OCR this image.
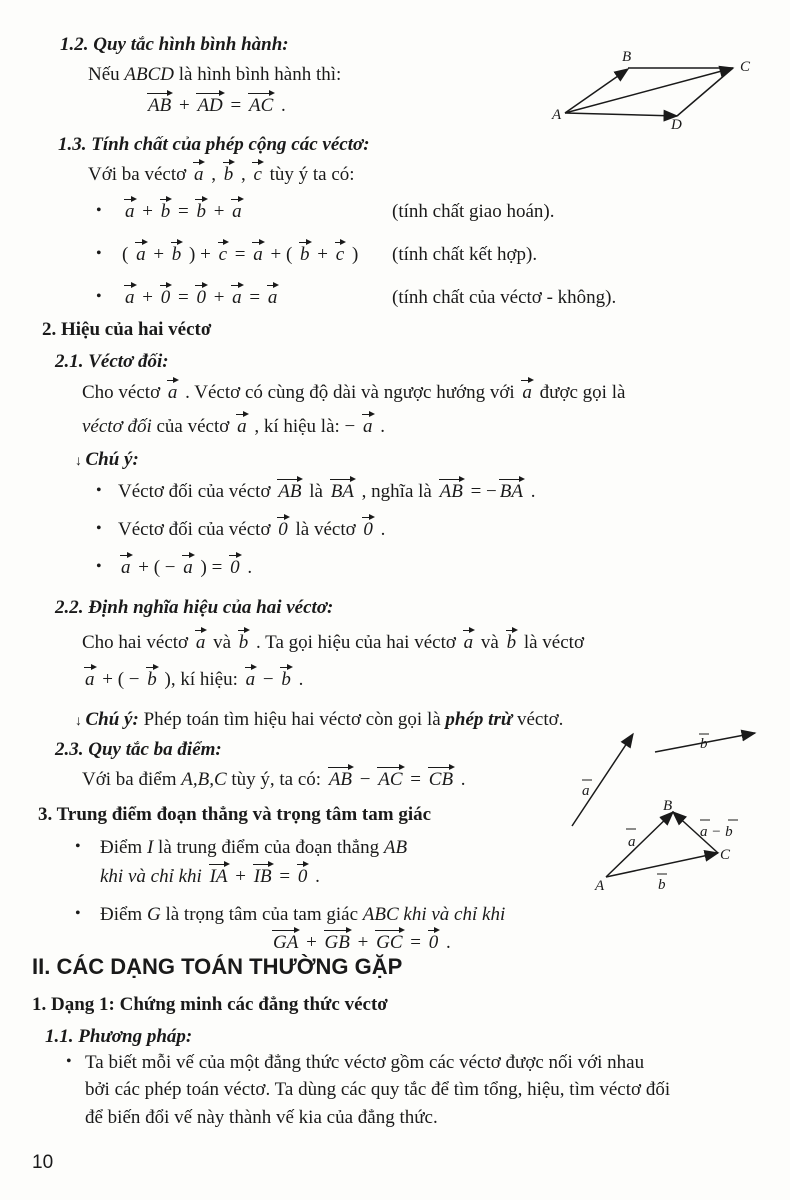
1.2. Quy tắc hình bình hành:
Nếu ABCD là hình bình hành thì:
AB + AD = AC .
B
C
A
D
1.3. Tính chất của phép cộng các véctơ:
Với ba véctơ a , b , c tùy ý ta có:
• a + b = b + a	(tính chất giao hoán).
• ( a + b ) + c = a + ( b + c ) (tính chất kết hợp).
• a + 0 = 0 + a = a	(tính chất của véctơ - không).
2. Hiệu của hai véctơ
2.1. Véctơ đối:
Cho véctơ a . Véctơ có cùng độ dài và ngược hướng với a được gọi là
véctơ đối của véctơ a , kí hiệu là: − a .
↓ Chú ý:
• Véctơ đối của véctơ AB là BA , nghĩa là AB = − BA .
• Véctơ đối của véctơ 0 là véctơ 0 .
• a + ( − a ) = 0 .
2.2. Định nghĩa hiệu của hai véctơ:
Cho hai véctơ a và b . Ta gọi hiệu của hai véctơ a và b là véctơ
a + ( − b ), kí hiệu: a − b .
↓ Chú ý: Phép toán tìm hiệu hai véctơ còn gọi là phép trừ véctơ.
2.3. Quy tắc ba điểm:
Với ba điểm A,B,C tùy ý, ta có: AB − AC = CB .
a
b
B
C
A
a
b
a − b
3. Trung điểm đoạn thẳng và trọng tâm tam giác
• Điểm I là trung điểm của đoạn thẳng AB
khi và chỉ khi IA + IB = 0 .
• Điểm G là trọng tâm của tam giác ABC khi và chỉ khi
GA + GB + GC = 0 .
II. CÁC DẠNG TOÁN THƯỜNG GẶP
1. Dạng 1: Chứng minh các đẳng thức véctơ
1.1. Phương pháp:
• Ta biết mỗi vế của một đẳng thức véctơ gồm các véctơ được nối với nhau
bởi các phép toán véctơ. Ta dùng các quy tắc để tìm tổng, hiệu, tìm véctơ đối
để biến đổi vế này thành vế kia của đẳng thức.
10
